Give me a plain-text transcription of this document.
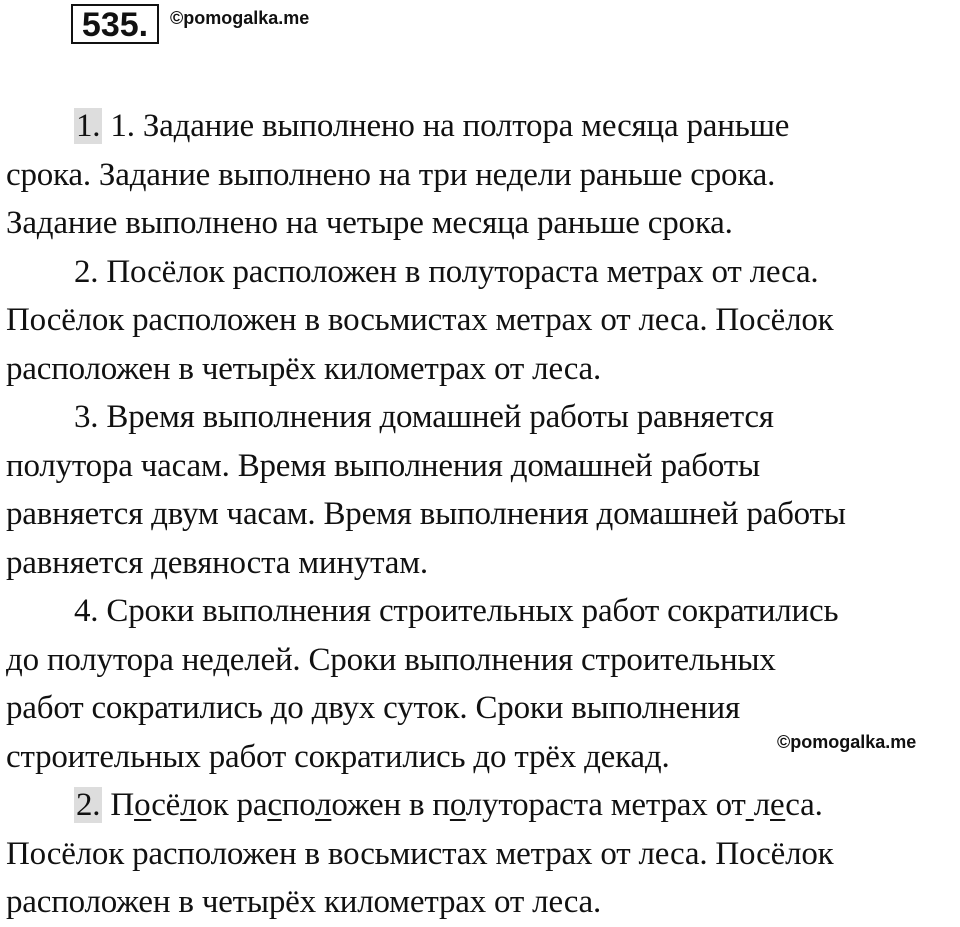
535.	©pomogalka.me

1. 1. Задание выполнено на полтора месяца раньше
срока. Задание выполнено на три недели раньше срока.
Задание выполнено на четыре месяца раньше срока.

2. Посёлок расположен в полутораста метрах от леса.
Посёлок расположен в восьмистах метрах от леса. Посёлок
расположен в четырёх километрах от леса.

3. Время выполнения домашней работы равняется
полутора часам. Время выполнения домашней работы
равняется двум часам. Время выполнения домашней работы
равняется девяноста минутам.

4. Сроки выполнения строительных работ сократились
до полутора неделей. Сроки выполнения строительных
работ сократились до двух суток. Сроки выполнения
строительных работ сократились до трёх декад.

2. Посёлок расположен в полутораста метрах от леса.
Посёлок расположен в восьмистах метрах от леса. Посёлок
расположен в четырёх километрах от леса.

©pomogalka.me
